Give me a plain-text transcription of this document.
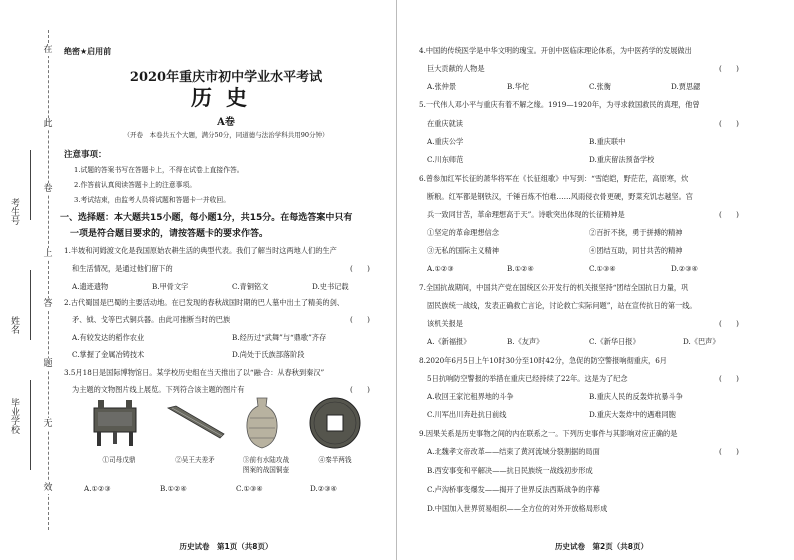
在
此
卷
上
答
题
无
效
考生号
姓名
毕业学校
绝密★启用前
2020年重庆市初中学业水平考试
历史
A卷
（开卷　本卷共五个大题，满分50分，同道德与法治学科共用90分钟）
注意事项：
1.试题的答案书写在答题卡上，不得在试卷上直接作答。
2.作答前认真阅读答题卡上的注意事项。
3.考试结束，由监考人员将试题和答题卡一并收回。
一、选择题：本大题共15小题，每小题1分，共15分。在每选答案中只有
一项是符合题目要求的，请按答题卡的要求作答。
1.半坡和河姆渡文化是我国原始农耕生活的典型代表。我们了解当时这两地人们的生产
和生活情况，是通过他们留下的	(　　)
A.遗迹遗物	B.甲骨文字	C.青铜铭文	D.史书记载
2.古代蜀国是巴蜀的主要活动地。在已发现的春秋战国时期的巴人墓中出土了精美的剑、
矛、钺、戈等巴式铜兵器。由此可推断当时的巴族	(　　)
A.有较发达的稻作农业	B.经历过“武舞”与“鼎歌”齐存
C.掌握了金属冶铸技术	D.尚处于氏族部落阶段
3.5月18日是国际博物馆日。某学校历史组在当天推出了以“融·合：从春秋到秦汉”
为主题的文物图片线上展览。下列符合该主题的图片有	(　　)
①司母戊鼎	②吴王夫差矛	③前有水陆攻战
图案的战国铜壶
④秦半两钱
A.①②③	B.①②④	C.①③④	D.②③④
历史试卷　第1页（共8页）
4.中国的传统医学是中华文明的瑰宝。开创中医临床理论体系，为中医药学的发展做出
巨大贡献的人物是	(　　)
A.张仲景	B.华佗	C.张衡	D.贾思勰
5.一代伟人邓小平与重庆有着不解之缘。1919—1920年，为寻求救国救民的真理，他曾
在重庆就读	(　　)
A.重庆公学	B.重庆联中
C.川东师范	D.重庆留法预备学校
6.曾参加红军长征的萧华将军在《长征组歌》中写到：“雪皑皑，野茫茫，高原寒，炊
断粮。红军都是钢铁汉，千锤百炼不怕难……风雨侵衣骨更硬，野菜充饥志越坚。官
兵一致同甘苦，革命理想高于天”。诗歌突出体现的长征精神是	(　　)
①坚定的革命理想信念	②百折不挠，勇于拼搏的精神
③无私的国际主义精神	④团结互助，同甘共苦的精神
A.①②③	B.①②④	C.①③④	D.②③④
7.全国抗战期间，中国共产党在国统区公开发行的机关报坚持“团结全国抗日力量，巩
固民族统一战线，发表正确救亡言论，讨论救亡实际问题”，站在宣传抗日的第一线。
该机关报是	(　　)
A.《新福报》	B.《友声》	C.《新华日报》	D.《巴声》
8.2020年6月5日上午10时30分至10时42分，急促的防空警报响彻重庆，6月
5日抗响防空警报的举措在重庆已经持续了22年。这是为了纪念	(　　)
A.收回王家沱租界地的斗争	B.重庆人民的反轰炸抗暴斗争
C.川军出川奔赴抗日前线	D.重庆大轰炸中的遇难同胞
9.因果关系是历史事物之间的内在联系之一。下列历史事件与其影响对应正确的是
(　　)
A.北魏孝文帝改革——结束了黄河流域分裂割据的局面
B.西安事变和平解决——抗日民族统一战线初步形成
C.卢沟桥事变爆发——揭开了世界反法西斯战争的序幕
D.中国加入世界贸易组织——全方位的对外开放格局形成
历史试卷　第2页（共8页）
